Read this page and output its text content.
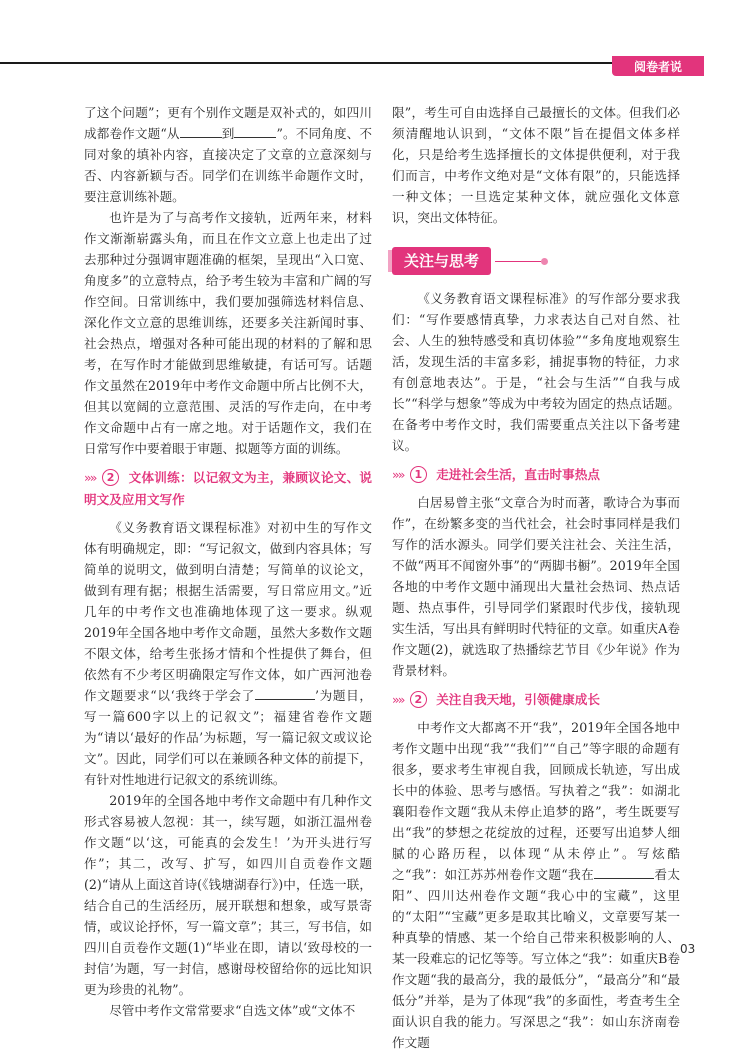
阅卷者说

了这个问题”；更有个别作文题是双补式的，如四川成都卷作文题“从	到	”。不同角度、不同对象的填补内容，直接决定了文章的立意深刻与否、内容新颖与否。同学们在训练半命题作文时，要注意训练补题。

也许是为了与高考作文接轨，近两年来，材料作文渐渐崭露头角，而且在作文立意上也走出了过去那种过分强调审题准确的框架，呈现出“入口宽、角度多”的立意特点，给予考生较为丰富和广阔的写作空间。日常训练中，我们要加强筛选材料信息、深化作文立意的思维训练，还要多关注新闻时事、社会热点，增强对各种可能出现的材料的了解和思考，在写作时才能做到思维敏捷，有话可写。话题作文虽然在2019年中考作文命题中所占比例不大，但其以宽阔的立意范围、灵活的写作走向，在中考作文命题中占有一席之地。对于话题作文，我们在日常写作中要着眼于审题、拟题等方面的训练。

»» 2 文体训练：以记叙文为主，兼顾议论文、说明文及应用文写作

《义务教育语文课程标准》对初中生的写作文体有明确规定，即：“写记叙文，做到内容具体；写简单的说明文，做到明白清楚；写简单的议论文，做到有理有据；根据生活需要，写日常应用文。”近几年的中考作文也准确地体现了这一要求。纵观2019年全国各地中考作文命题，虽然大多数作文题不限文体，给考生张扬才情和个性提供了舞台，但依然有不少考区明确限定写作文体，如广西河池卷作文题要求“以‘我终于学会了	’为题目，写一篇600字以上的记叙文”；福建省卷作文题为“请以‘最好的作品’为标题，写一篇记叙文或议论文”。因此，同学们可以在兼顾各种文体的前提下，有针对性地进行记叙文的系统训练。

2019年的全国各地中考作文命题中有几种作文形式容易被人忽视：其一，续写题，如浙江温州卷作文题“以‘这，可能真的会发生！’为开头进行写作”；其二，改写、扩写，如四川自贡卷作文题(2)“请从上面这首诗(《钱塘湖春行》)中，任选一联，结合自己的生活经历，展开联想和想象，或写景寄情，或议论抒怀，写一篇文章”；其三，写书信，如四川自贡卷作文题(1)“毕业在即，请以‘致母校的一封信’为题，写一封信，感谢母校留给你的远比知识更为珍贵的礼物”。

尽管中考作文常常要求“自选文体”或“文体不

限”，考生可自由选择自己最擅长的文体。但我们必须清醒地认识到，“文体不限”旨在提倡文体多样化，只是给考生选择擅长的文体提供便利，对于我们而言，中考作文绝对是“文体有限”的，只能选择一种文体；一旦选定某种文体，就应强化文体意识，突出文体特征。

关注与思考

《义务教育语文课程标准》的写作部分要求我们：“写作要感情真挚，力求表达自己对自然、社会、人生的独特感受和真切体验”“多角度地观察生活，发现生活的丰富多彩，捕捉事物的特征，力求有创意地表达”。于是，“社会与生活”“自我与成长”“科学与想象”等成为中考较为固定的热点话题。在备考中考作文时，我们需要重点关注以下备考建议。

»» 1 走进社会生活，直击时事热点

白居易曾主张“文章合为时而著，歌诗合为事而作”，在纷繁多变的当代社会，社会时事同样是我们写作的活水源头。同学们要关注社会、关注生活，不做“两耳不闻窗外事”的“两脚书橱”。2019年全国各地的中考作文题中涌现出大量社会热词、热点话题、热点事件，引导同学们紧跟时代步伐，接轨现实生活，写出具有鲜明时代特征的文章。如重庆A卷作文题(2)，就选取了热播综艺节目《少年说》作为背景材料。

»» 2 关注自我天地，引领健康成长

中考作文大都离不开“我”，2019年全国各地中考作文题中出现“我”“我们”“自己”等字眼的命题有很多，要求考生审视自我，回顾成长轨迹，写出成长中的体验、思考与感悟。写执着之“我”：如湖北襄阳卷作文题“我从未停止追梦的路”，考生既要写出“我”的梦想之花绽放的过程，还要写出追梦人细腻的心路历程，以体现“从未停止”。写炫酷之“我”：如江苏苏州卷作文题“我在	看太阳”、四川达州卷作文题“我心中的宝藏”，这里的“太阳”“宝藏”更多是取其比喻义，文章要写某一种真挚的情感、某一个给自己带来积极影响的人、某一段难忘的记忆等等。写立体之“我”：如重庆B卷作文题“我的最高分，我的最低分”，“最高分”和“最低分”并举，是为了体现“我”的多面性，考查考生全面认识自我的能力。写深思之“我”：如山东济南卷作文题

03
